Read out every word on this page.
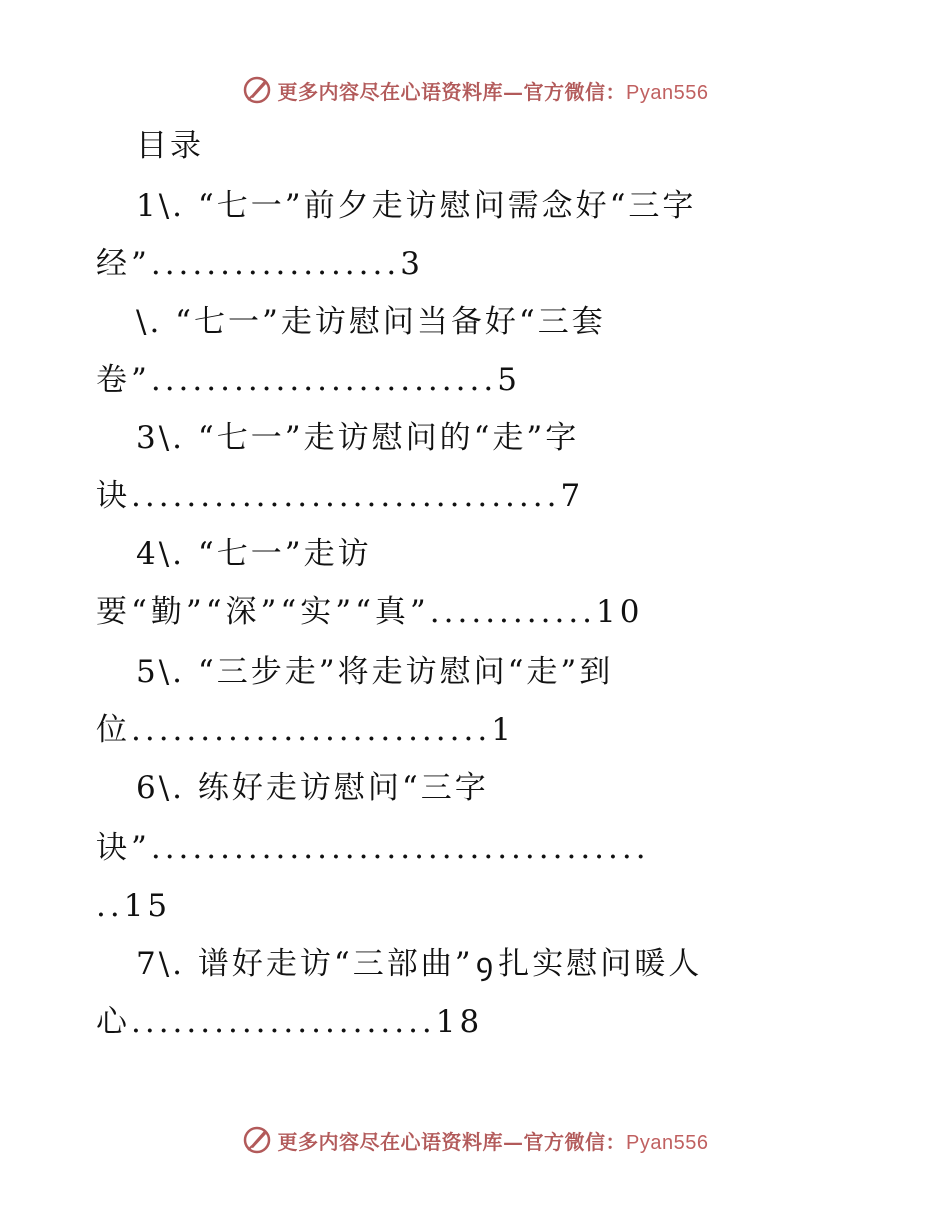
更多内容尽在心语资料库—官方微信：Pyan556
目录
1\. “七一”前夕走访慰问需念好“三字
经”..................3
\. “七一”走访慰问当备好“三套
卷”.........................5
3\. “七一”走访慰问的“走”字
诀...............................7
4\. “七一”走访
要“勤”“深”“实”“真”............10
5\. “三步走”将走访慰问“走”到
位..........................1
6\. 练好走访慰问“三字
诀”....................................
..15
7\. 谱好走访“三部曲”ꝯ扎实慰问暖人
心......................18
更多内容尽在心语资料库—官方微信：Pyan556
